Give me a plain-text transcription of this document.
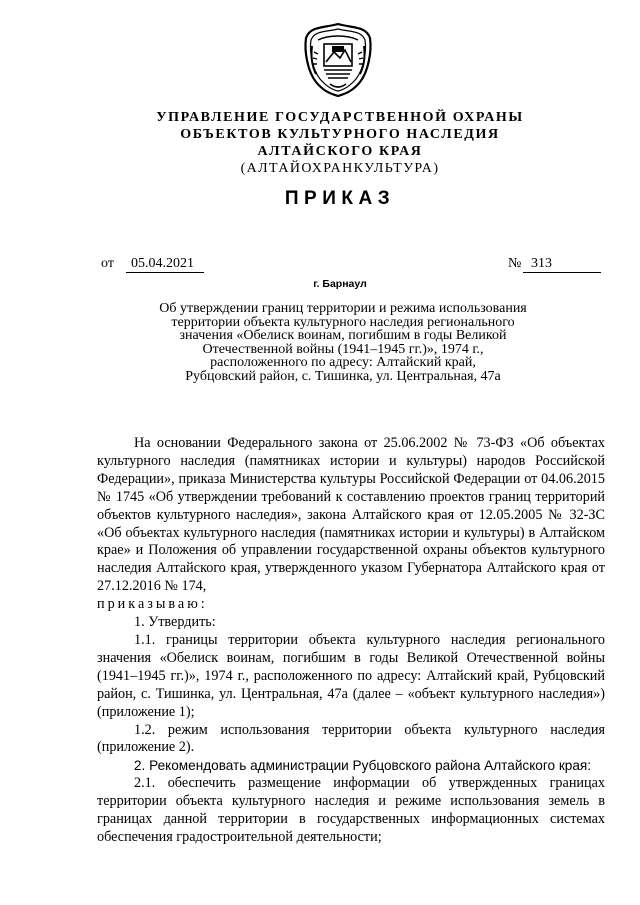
УПРАВЛЕНИЕ ГОСУДАРСТВЕННОЙ ОХРАНЫ
ОБЪЕКТОВ КУЛЬТУРНОГО НАСЛЕДИЯ
АЛТАЙСКОГО КРАЯ
(АЛТАЙОХРАНКУЛЬТУРА)
ПРИКАЗ
от 05.04.2021	№ 313
г. Барнаул
Об утверждении границ территории и режима использования
территории объекта культурного наследия регионального
значения «Обелиск воинам, погибшим в годы Великой
Отечественной войны (1941–1945 гг.)», 1974 г.,
расположенного по адресу: Алтайский край,
Рубцовский район, с. Тишинка, ул. Центральная, 47а

На основании Федерального закона от 25.06.2002 № 73-ФЗ «Об объектах культурного наследия (памятниках истории и культуры) народов Российской Федерации», приказа Министерства культуры Российской Федерации от 04.06.2015 № 1745 «Об утверждении требований к составлению проектов границ территорий объектов культурного наследия», закона Алтайского края от 12.05.2005 № 32-ЗС «Об объектах культурного наследия (памятниках истории и культуры) в Алтайском крае» и Положения об управлении государственной охраны объектов культурного наследия Алтайского края, утвержденного указом Губернатора Алтайского края от 27.12.2016 № 174,

приказываю:

1. Утвердить:

1.1. границы территории объекта культурного наследия регионального значения «Обелиск воинам, погибшим в годы Великой Отечественной войны (1941–1945 гг.)», 1974 г., расположенного по адресу: Алтайский край, Рубцовский район, с. Тишинка, ул. Центральная, 47а (далее – «объект культурного наследия») (приложение 1);

1.2. режим использования территории объекта культурного наследия (приложение 2).

2. Рекомендовать администрации Рубцовского района Алтайского края:

2.1. обеспечить размещение информации об утвержденных границах территории объекта культурного наследия и режиме использования земель в границах данной территории в государственных информационных системах обеспечения градостроительной деятельности;
